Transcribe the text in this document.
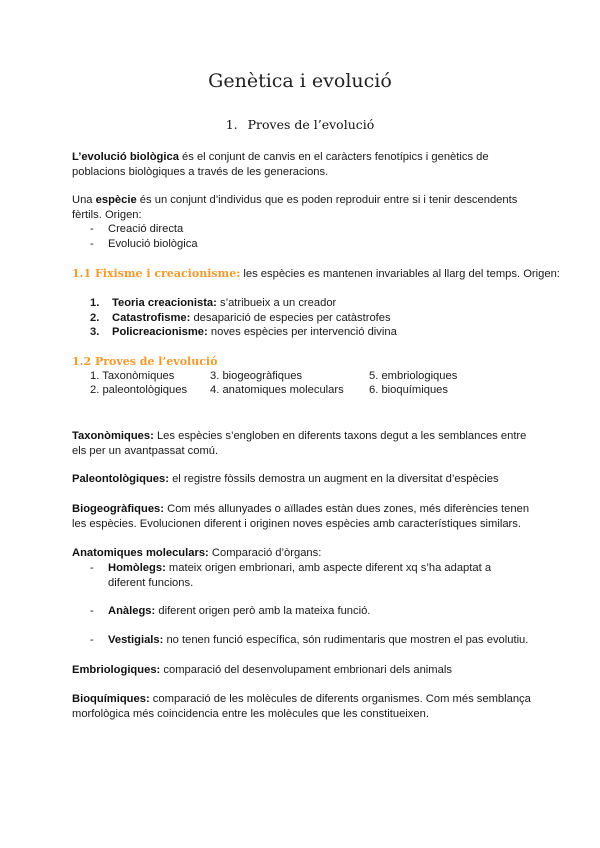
Genètica i evolució
1. Proves de l’evolució
L’evolució biològica és el conjunt de canvis en el caràcters fenotípics i genètics de
poblacions biològiques a través de les generacions.
Una espècie és un conjunt d’individus que es poden reproduir entre si i tenir descendents
fèrtils. Origen:
- Creació directa
- Evolució biològica
1.1 Fixisme i creacionisme: les espècies es mantenen invariables al llarg del temps. Origen:
1. Teoria creacionista: s’atribueix a un creador
2. Catastrofisme: desaparició de especies per catàstrofes
3. Policreacionisme: noves espècies per intervenció divina
1.2 Proves de l’evolució
1. Taxonòmiques	3. biogeogràfiques	5. embriologiques
2. paleontològiques 4. anatomiques moleculars 6. bioquímiques
Taxonòmiques: Les espècies s’engloben en diferents taxons degut a les semblances entre
els per un avantpassat comú.
Paleontològiques: el registre fòssils demostra un augment en la diversitat d’espècies
Biogeogràfiques: Com més allunyades o aïllades estàn dues zones, més diferències tenen
les espècies. Evolucionen diferent i originen noves espècies amb característiques similars.
Anatomiques moleculars: Comparació d’òrgans:
- Homòlegs: mateix origen embrionari, amb aspecte diferent xq s’ha adaptat a
diferent funcions.
- Anàlegs: diferent origen però amb la mateixa funció.
- Vestigials: no tenen funció específica, són rudimentaris que mostren el pas evolutiu.
Embriologiques: comparació del desenvolupament embrionari dels animals
Bioquímiques: comparació de les molècules de diferents organismes. Com més semblança
morfològica més coincidencia entre les molècules que les constitueixen.
